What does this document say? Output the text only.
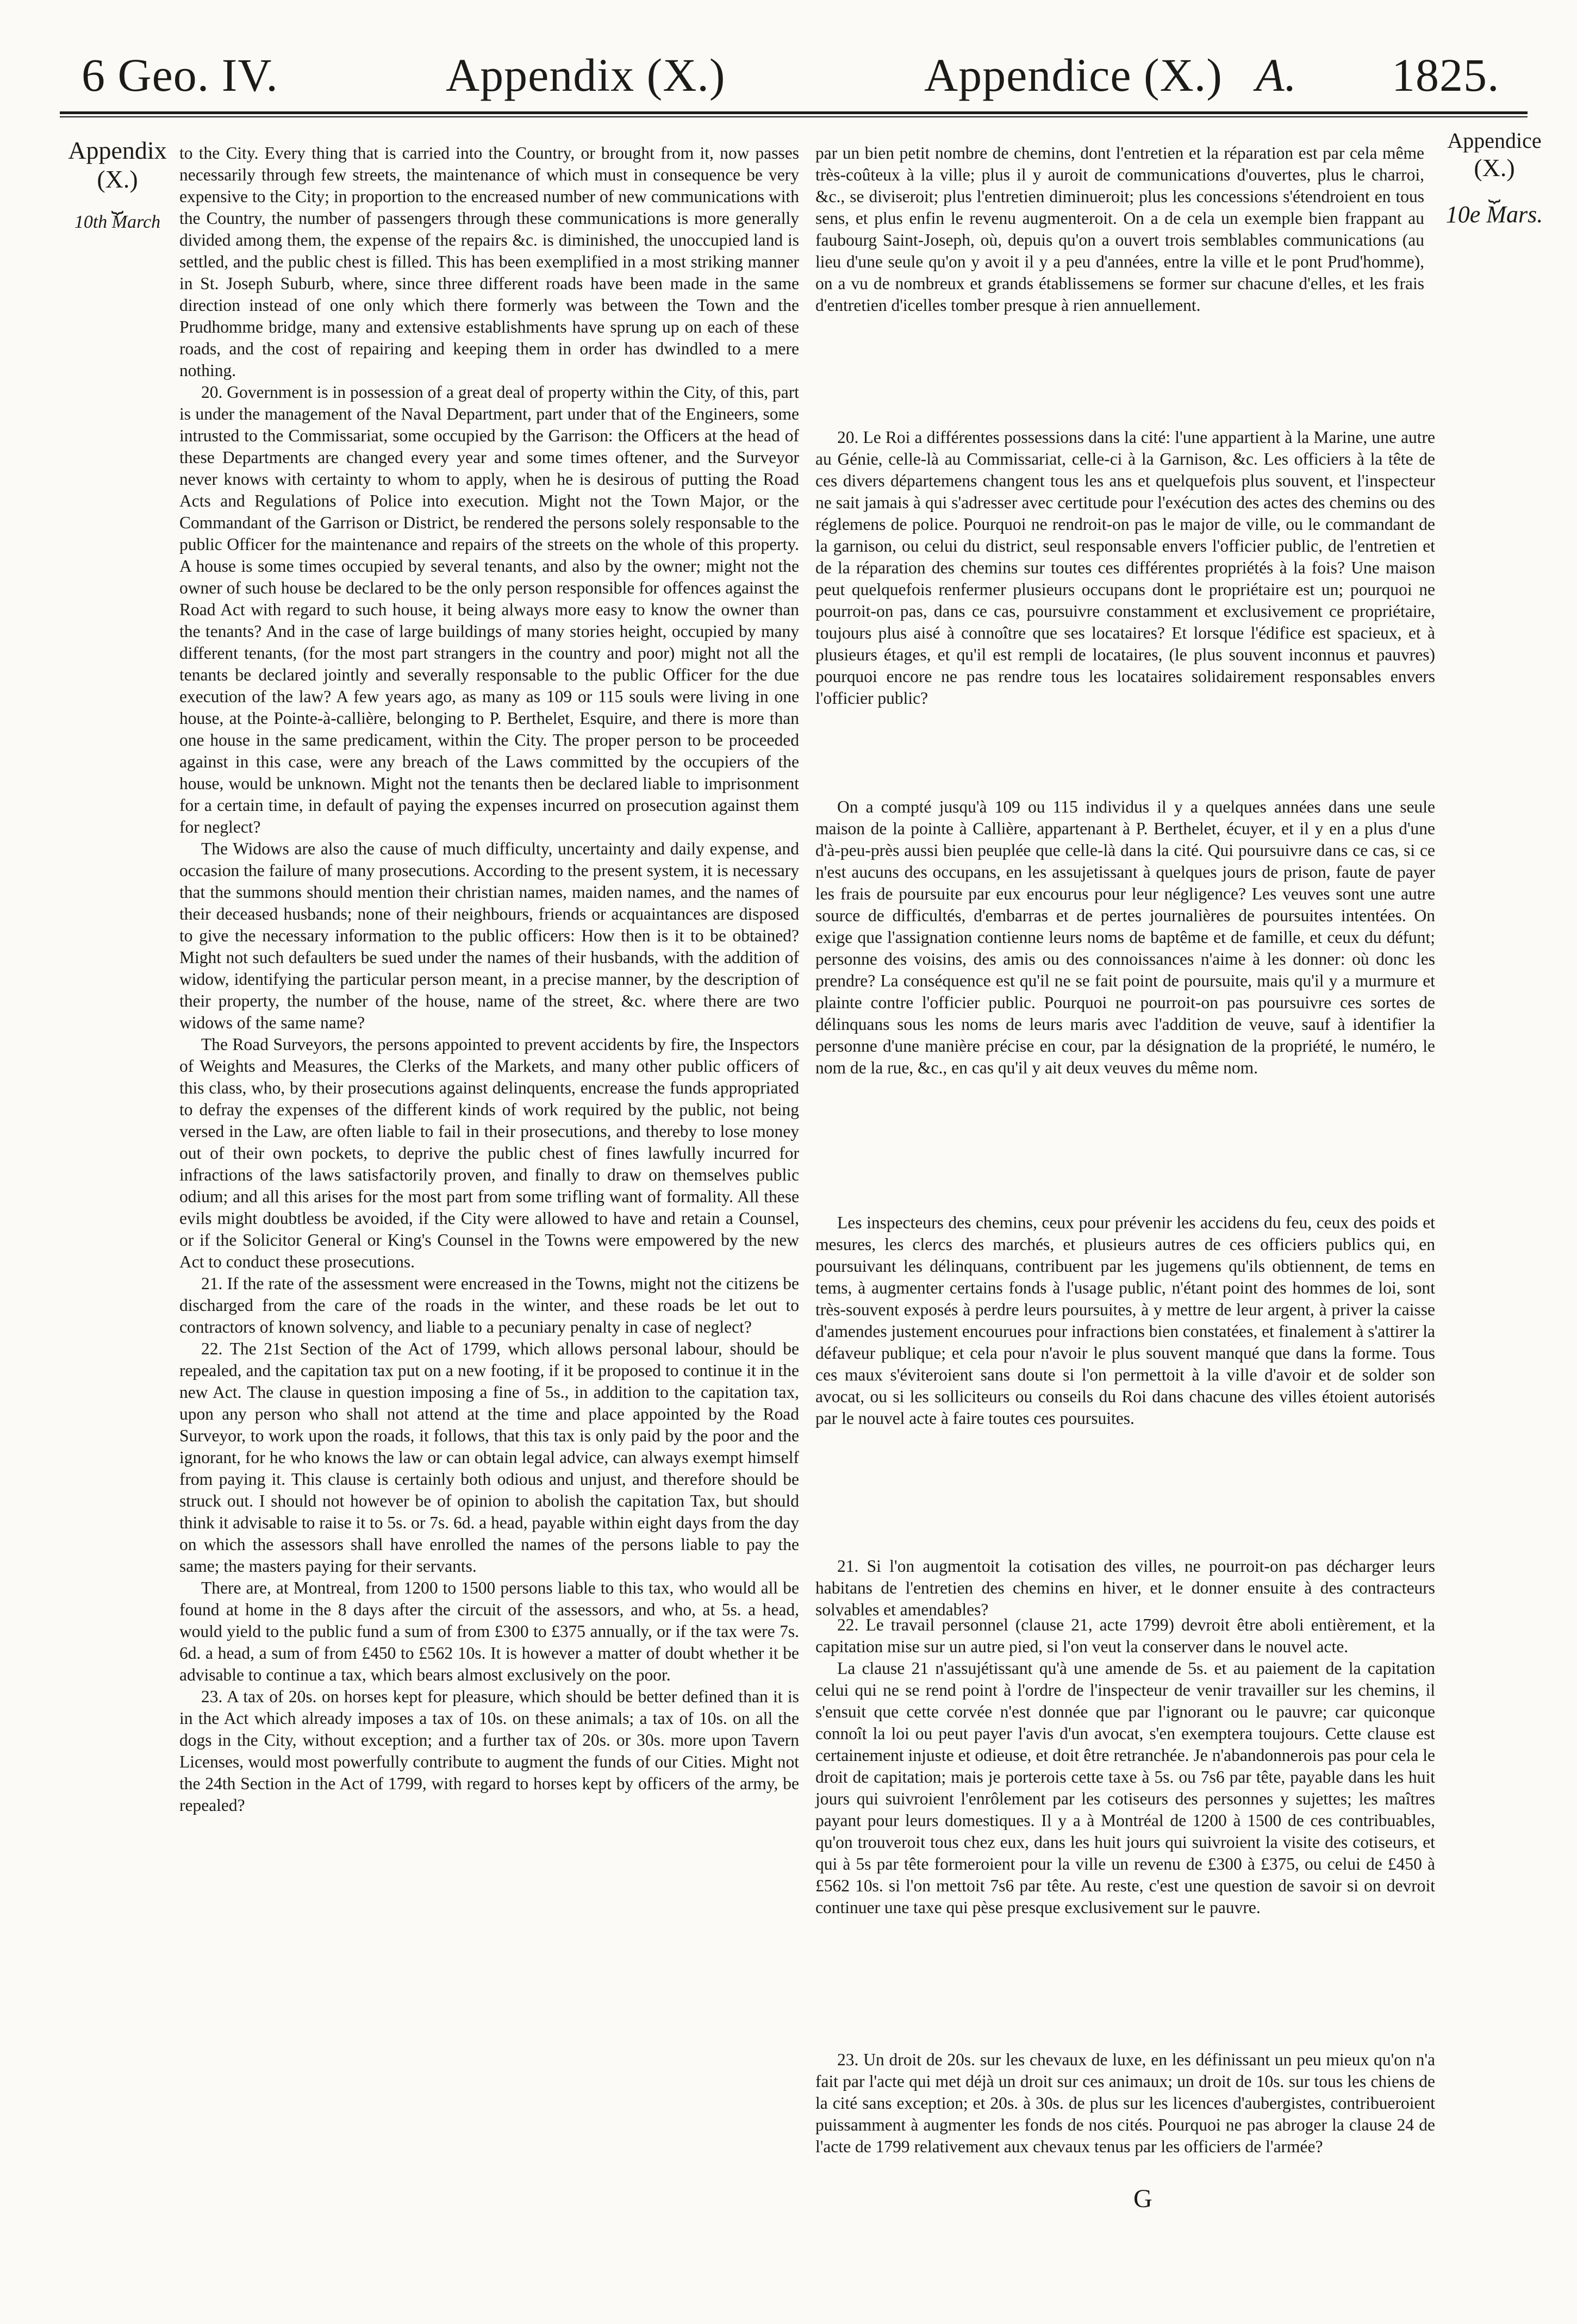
6 Geo. IV.	Appendix (X.)	Appendice (X.) A. 1825.
Appendix
(X.)
⏟
10th March
Appendice
(X.)
⏟
10e Mars.

to the City. Every thing that is carried into the Country, or brought from it, now passes necessarily through few streets, the maintenance of which must in consequence be very expensive to the City; in proportion to the encreased number of new communications with the Country, the number of passengers through these communications is more generally divided among them, the expense of the repairs &c. is diminished, the unoccupied land is settled, and the public chest is filled. This has been exemplified in a most striking manner in St. Joseph Suburb, where, since three different roads have been made in the same direction instead of one only which there formerly was between the Town and the Prudhomme bridge, many and extensive establishments have sprung up on each of these roads, and the cost of repairing and keeping them in order has dwindled to a mere nothing.

20. Government is in possession of a great deal of property within the City, of this, part is under the management of the Naval Department, part under that of the Engineers, some intrusted to the Commissariat, some occupied by the Garrison: the Officers at the head of these Departments are changed every year and some times oftener, and the Surveyor never knows with certainty to whom to apply, when he is desirous of putting the Road Acts and Regulations of Police into execution. Might not the Town Major, or the Commandant of the Garrison or District, be rendered the persons solely responsable to the public Officer for the maintenance and repairs of the streets on the whole of this property. A house is some times occupied by several tenants, and also by the owner; might not the owner of such house be declared to be the only person responsible for offences against the Road Act with regard to such house, it being always more easy to know the owner than the tenants? And in the case of large buildings of many stories height, occupied by many different tenants, (for the most part strangers in the country and poor) might not all the tenants be declared jointly and severally responsable to the public Officer for the due execution of the law? A few years ago, as many as 109 or 115 souls were living in one house, at the Pointe-à-callière, belonging to P. Berthelet, Esquire, and there is more than one house in the same predicament, within the City. The proper person to be proceeded against in this case, were any breach of the Laws committed by the occupiers of the house, would be unknown. Might not the tenants then be declared liable to imprisonment for a certain time, in default of paying the expenses incurred on prosecution against them for neglect?

The Widows are also the cause of much difficulty, uncertainty and daily expense, and occasion the failure of many prosecutions. According to the present system, it is necessary that the summons should mention their christian names, maiden names, and the names of their deceased husbands; none of their neighbours, friends or acquaintances are disposed to give the necessary information to the public officers: How then is it to be obtained? Might not such defaulters be sued under the names of their husbands, with the addition of widow, identifying the particular person meant, in a precise manner, by the description of their property, the number of the house, name of the street, &c. where there are two widows of the same name?

The Road Surveyors, the persons appointed to prevent accidents by fire, the Inspectors of Weights and Measures, the Clerks of the Markets, and many other public officers of this class, who, by their prosecutions against delinquents, encrease the funds appropriated to defray the expenses of the different kinds of work required by the public, not being versed in the Law, are often liable to fail in their prosecutions, and thereby to lose money out of their own pockets, to deprive the public chest of fines lawfully incurred for infractions of the laws satisfactorily proven, and finally to draw on themselves public odium; and all this arises for the most part from some trifling want of formality. All these evils might doubtless be avoided, if the City were allowed to have and retain a Counsel, or if the Solicitor General or King's Counsel in the Towns were empowered by the new Act to conduct these prosecutions.

21. If the rate of the assessment were encreased in the Towns, might not the citizens be discharged from the care of the roads in the winter, and these roads be let out to contractors of known solvency, and liable to a pecuniary penalty in case of neglect?

22. The 21st Section of the Act of 1799, which allows personal labour, should be repealed, and the capitation tax put on a new footing, if it be proposed to continue it in the new Act. The clause in question imposing a fine of 5s., in addition to the capitation tax, upon any person who shall not attend at the time and place appointed by the Road Surveyor, to work upon the roads, it follows, that this tax is only paid by the poor and the ignorant, for he who knows the law or can obtain legal advice, can always exempt himself from paying it. This clause is certainly both odious and unjust, and therefore should be struck out. I should not however be of opinion to abolish the capitation Tax, but should think it advisable to raise it to 5s. or 7s. 6d. a head, payable within eight days from the day on which the assessors shall have enrolled the names of the persons liable to pay the same; the masters paying for their servants.

There are, at Montreal, from 1200 to 1500 persons liable to this tax, who would all be found at home in the 8 days after the circuit of the assessors, and who, at 5s. a head, would yield to the public fund a sum of from £300 to £375 annually, or if the tax were 7s. 6d. a head, a sum of from £450 to £562 10s. It is however a matter of doubt whether it be advisable to continue a tax, which bears almost exclusively on the poor.

23. A tax of 20s. on horses kept for pleasure, which should be better defined than it is in the Act which already imposes a tax of 10s. on these animals; a tax of 10s. on all the dogs in the City, without exception; and a further tax of 20s. or 30s. more upon Tavern Licenses, would most powerfully contribute to augment the funds of our Cities. Might not the 24th Section in the Act of 1799, with regard to horses kept by officers of the army, be repealed?

par un bien petit nombre de chemins, dont l'entretien et la réparation est par cela même très-coûteux à la ville; plus il y auroit de communications d'ouvertes, plus le charroi, &c., se diviseroit; plus l'entretien diminueroit; plus les concessions s'étendroient en tous sens, et plus enfin le revenu augmenteroit. On a de cela un exemple bien frappant au faubourg Saint-Joseph, où, depuis qu'on a ouvert trois semblables communications (au lieu d'une seule qu'on y avoit il y a peu d'années, entre la ville et le pont Prud'homme), on a vu de nombreux et grands établissemens se former sur chacune d'elles, et les frais d'entretien d'icelles tomber presque à rien annuellement.

20. Le Roi a différentes possessions dans la cité: l'une appartient à la Marine, une autre au Génie, celle-là au Commissariat, celle-ci à la Garnison, &c. Les officiers à la tête de ces divers départemens changent tous les ans et quelquefois plus souvent, et l'inspecteur ne sait jamais à qui s'adresser avec certitude pour l'exécution des actes des chemins ou des réglemens de police. Pourquoi ne rendroit-on pas le major de ville, ou le commandant de la garnison, ou celui du district, seul responsable envers l'officier public, de l'entretien et de la réparation des chemins sur toutes ces différentes propriétés à la fois? Une maison peut quelquefois renfermer plusieurs occupans dont le propriétaire est un; pourquoi ne pourroit-on pas, dans ce cas, poursuivre constamment et exclusivement ce propriétaire, toujours plus aisé à connoître que ses locataires? Et lorsque l'édifice est spacieux, et à plusieurs étages, et qu'il est rempli de locataires, (le plus souvent inconnus et pauvres) pourquoi encore ne pas rendre tous les locataires solidairement responsables envers l'officier public?

On a compté jusqu'à 109 ou 115 individus il y a quelques années dans une seule maison de la pointe à Callière, appartenant à P. Berthelet, écuyer, et il y en a plus d'une d'à-peu-près aussi bien peuplée que celle-là dans la cité. Qui poursuivre dans ce cas, si ce n'est aucuns des occupans, en les assujetissant à quelques jours de prison, faute de payer les frais de poursuite par eux encourus pour leur négligence? Les veuves sont une autre source de difficultés, d'embarras et de pertes journalières de poursuites intentées. On exige que l'assignation contienne leurs noms de baptême et de famille, et ceux du défunt; personne des voisins, des amis ou des connoissances n'aime à les donner: où donc les prendre? La conséquence est qu'il ne se fait point de poursuite, mais qu'il y a murmure et plainte contre l'officier public. Pourquoi ne pourroit-on pas poursuivre ces sortes de délinquans sous les noms de leurs maris avec l'addition de veuve, sauf à identifier la personne d'une manière précise en cour, par la désignation de la propriété, le numéro, le nom de la rue, &c., en cas qu'il y ait deux veuves du même nom.

Les inspecteurs des chemins, ceux pour prévenir les accidens du feu, ceux des poids et mesures, les clercs des marchés, et plusieurs autres de ces officiers publics qui, en poursuivant les délinquans, contribuent par les jugemens qu'ils obtiennent, de tems en tems, à augmenter certains fonds à l'usage public, n'étant point des hommes de loi, sont très-souvent exposés à perdre leurs poursuites, à y mettre de leur argent, à priver la caisse d'amendes justement encourues pour infractions bien constatées, et finalement à s'attirer la défaveur publique; et cela pour n'avoir le plus souvent manqué que dans la forme. Tous ces maux s'éviteroient sans doute si l'on permettoit à la ville d'avoir et de solder son avocat, ou si les solliciteurs ou conseils du Roi dans chacune des villes étoient autorisés par le nouvel acte à faire toutes ces poursuites.

21. Si l'on augmentoit la cotisation des villes, ne pourroit-on pas décharger leurs habitans de l'entretien des chemins en hiver, et le donner ensuite à des contracteurs solvables et amendables?

22. Le travail personnel (clause 21, acte 1799) devroit être aboli entièrement, et la capitation mise sur un autre pied, si l'on veut la conserver dans le nouvel acte.

La clause 21 n'assujétissant qu'à une amende de 5s. et au paiement de la capitation celui qui ne se rend point à l'ordre de l'inspecteur de venir travailler sur les chemins, il s'ensuit que cette corvée n'est donnée que par l'ignorant ou le pauvre; car quiconque connoît la loi ou peut payer l'avis d'un avocat, s'en exemptera toujours. Cette clause est certainement injuste et odieuse, et doit être retranchée. Je n'abandonnerois pas pour cela le droit de capitation; mais je porterois cette taxe à 5s. ou 7s6 par tête, payable dans les huit jours qui suivroient l'enrôlement par les cotiseurs des personnes y sujettes; les maîtres payant pour leurs domestiques. Il y a à Montréal de 1200 à 1500 de ces contribuables, qu'on trouveroit tous chez eux, dans les huit jours qui suivroient la visite des cotiseurs, et qui à 5s par tête formeroient pour la ville un revenu de £300 à £375, ou celui de £450 à £562 10s. si l'on mettoit 7s6 par tête. Au reste, c'est une question de savoir si on devroit continuer une taxe qui pèse presque exclusivement sur le pauvre.

23. Un droit de 20s. sur les chevaux de luxe, en les définissant un peu mieux qu'on n'a fait par l'acte qui met déjà un droit sur ces animaux; un droit de 10s. sur tous les chiens de la cité sans exception; et 20s. à 30s. de plus sur les licences d'aubergistes, contribueroient puissamment à augmenter les fonds de nos cités. Pourquoi ne pas abroger la clause 24 de l'acte de 1799 relativement aux chevaux tenus par les officiers de l'armée?

G
